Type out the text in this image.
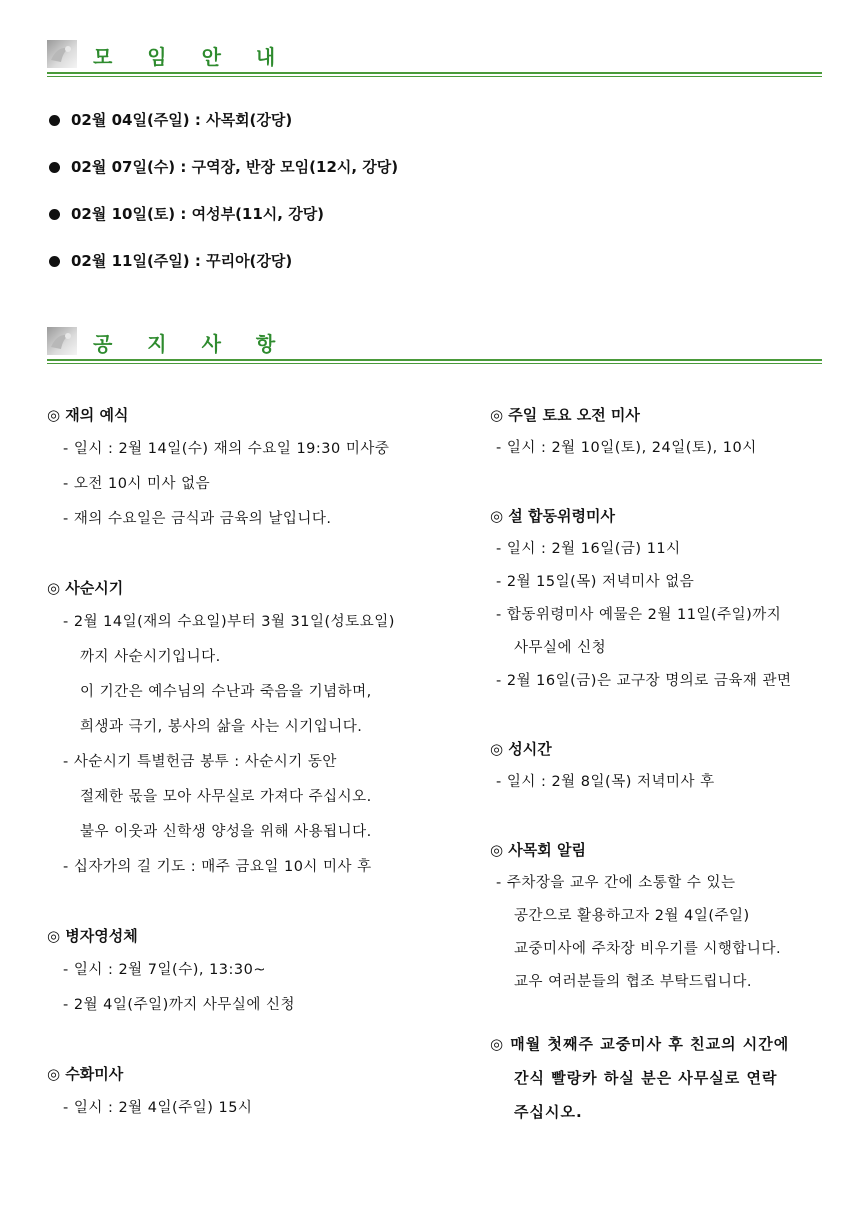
모 임 안 내
02월 04일(주일) : 사목회(강당)
02월 07일(수) : 구역장, 반장 모임(12시, 강당)
02월 10일(토) : 여성부(11시, 강당)
02월 11일(주일) : 꾸리아(강당)
공 지 사 항
◎ 재의 예식
- 일시 : 2월 14일(수) 재의 수요일 19:30 미사중
- 오전 10시 미사 없음
- 재의 수요일은 금식과 금육의 날입니다.
◎ 사순시기
- 2월 14일(재의 수요일)부터 3월 31일(성토요일)
까지 사순시기입니다.
이 기간은 예수님의 수난과 죽음을 기념하며,
희생과 극기, 봉사의 삶을 사는 시기입니다.
- 사순시기 특별헌금 봉투 : 사순시기 동안
절제한 몫을 모아 사무실로 가져다 주십시오.
불우 이웃과 신학생 양성을 위해 사용됩니다.
- 십자가의 길 기도 : 매주 금요일 10시 미사 후
◎ 병자영성체
- 일시 : 2월 7일(수), 13:30~
- 2월 4일(주일)까지 사무실에 신청
◎ 수화미사
- 일시 : 2월 4일(주일) 15시
◎ 주일 토요 오전 미사
- 일시 : 2월 10일(토), 24일(토), 10시
◎ 설 합동위령미사
- 일시 : 2월 16일(금) 11시
- 2월 15일(목) 저녁미사 없음
- 합동위령미사 예물은 2월 11일(주일)까지
사무실에 신청
- 2월 16일(금)은 교구장 명의로 금육재 관면
◎ 성시간
- 일시 : 2월 8일(목) 저녁미사 후
◎ 사목회 알림
- 주차장을 교우 간에 소통할 수 있는
공간으로 활용하고자 2월 4일(주일)
교중미사에 주차장 비우기를 시행합니다.
교우 여러분들의 협조 부탁드립니다.
◎ 매월 첫째주 교중미사 후 친교의 시간에
간식 빨랑카 하실 분은 사무실로 연락
주십시오.
